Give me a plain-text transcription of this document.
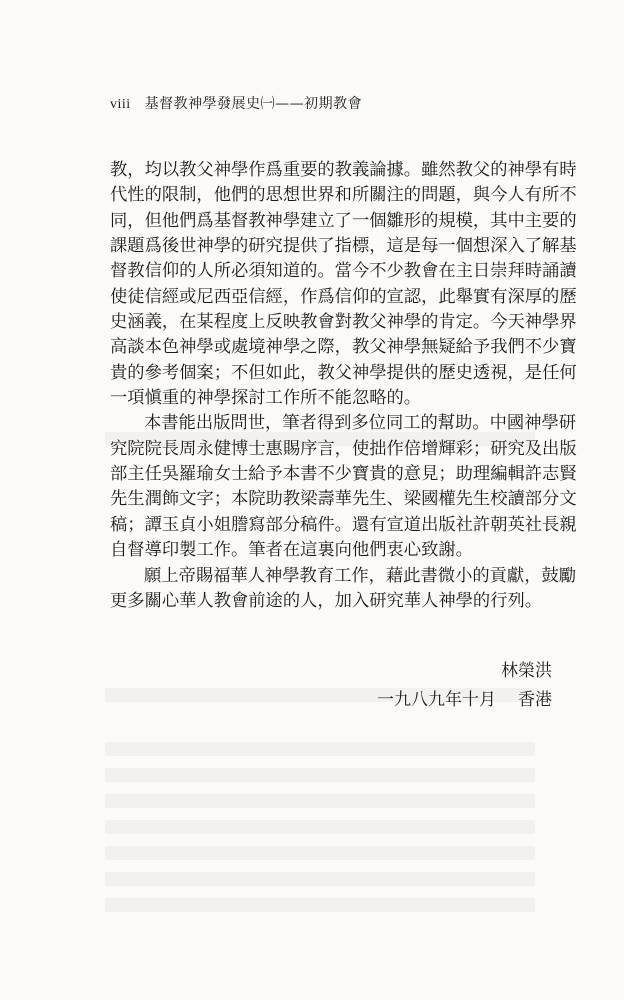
viii 基督教神學發展史㈠——初期教會
教，均以教父神學作爲重要的教義論據。雖然教父的神學有時
代性的限制，他們的思想世界和所關注的問題，與今人有所不
同，但他們爲基督教神學建立了一個雛形的規模，其中主要的
課題爲後世神學的研究提供了指標，這是每一個想深入了解基
督教信仰的人所必須知道的。當今不少教會在主日崇拜時誦讀
使徒信經或尼西亞信經，作爲信仰的宣認，此舉實有深厚的歷
史涵義，在某程度上反映教會對教父神學的肯定。今天神學界
高談本色神學或處境神學之際，教父神學無疑給予我們不少寶
貴的參考個案；不但如此，教父神學提供的歷史透視，是任何
一項愼重的神學探討工作所不能忽略的。
本書能出版問世，筆者得到多位同工的幫助。中國神學研
究院院長周永健博士惠賜序言，使拙作倍增輝彩；研究及出版
部主任吳羅瑜女士給予本書不少寶貴的意見；助理編輯許志賢
先生潤飾文字；本院助教梁壽華先生、梁國權先生校讀部分文
稿；譚玉貞小姐謄寫部分稿件。還有宣道出版社許朝英社長親
自督導印製工作。筆者在這裏向他們衷心致謝。
願上帝賜福華人神學教育工作，藉此書微小的貢獻，鼓勵
更多關心華人教會前途的人，加入研究華人神學的行列。
林榮洪
一九八九年十月 香港
